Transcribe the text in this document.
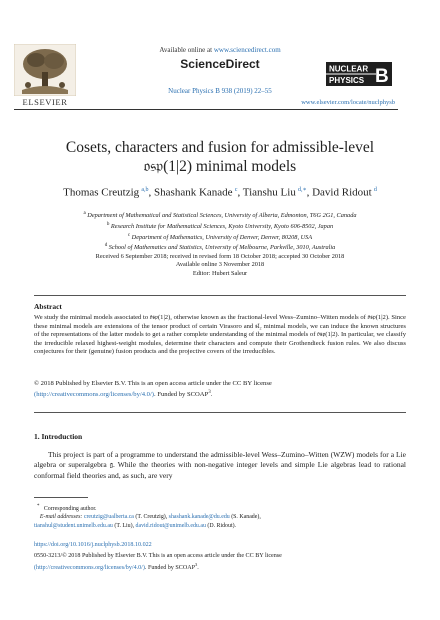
ELSEVIER
Available online at www.sciencedirect.com
ScienceDirect
Nuclear Physics B 938 (2019) 22–55
NUCLEAR
PHYSICS B
www.elsevier.com/locate/nuclphysb
Cosets, characters and fusion for admissible-level
𝔬𝔰𝔭(1|2) minimal models
Thomas Creutzig  $^{a,b}$, Shashank Kanade  $^c$, Tianshu Liu  $^{d,∗}$, David Ridout  $^d$
$^a$ Department of Mathematical and Statistical Sciences, University of Alberta, Edmonton, T6G 2G1, Canada
$^b$ Research Institute for Mathematical Sciences, Kyoto University, Kyoto 606-8502, Japan
$^c$ Department of Mathematics, University of Denver, Denver, 80208, USA
$^d$ School of Mathematics and Statistics, University of Melbourne, Parkville, 3010, Australia
Received 6 September 2018; received in revised form 18 October 2018; accepted 30 October 2018
Available online 3 November 2018
Editor: Hubert Saleur
Abstract
We study the minimal models associated to 𝔬𝔰𝔭(1|2), otherwise known as the fractional-level Wess–Zumino–Witten models of 𝔬𝔰𝔭(1|2). Since these minimal models are extensions of the tensor product of certain Virasoro and 𝔰𝔩₂ minimal models, we can induce the known structures of the representations of the latter models to get a rather complete understanding of the minimal models of 𝔬𝔰𝔭(1|2). In particular, we classify the irreducible relaxed highest-weight modules, determine their characters and compute their Grothendieck fusion rules. We also discuss conjectures for their (genuine) fusion products and the projective covers of the irreducibles.
© 2018 Published by Elsevier B.V. This is an open access article under the CC BY license
(http://creativecommons.org/licenses/by/4.0/). Funded by SCOAP$^3$.
1. Introduction
This project is part of a programme to understand the admissible-level Wess–Zumino–Witten (WZW) models for a Lie algebra or superalgebra 𝔤. While the theories with non-negative integer levels and simple Lie algebras lead to rational conformal field theories and, as such, are very
* Corresponding author.
E-mail addresses: creutzig@ualberta.ca (T. Creutzig), shashank.kanade@du.edu (S. Kanade),
tianshul@student.unimelb.edu.au (T. Liu), david.ridout@unimelb.edu.au (D. Ridout).
https://doi.org/10.1016/j.nuclphysb.2018.10.022
0550-3213/© 2018 Published by Elsevier B.V. This is an open access article under the CC BY license
(http://creativecommons.org/licenses/by/4.0/). Funded by SCOAP$^3$.
